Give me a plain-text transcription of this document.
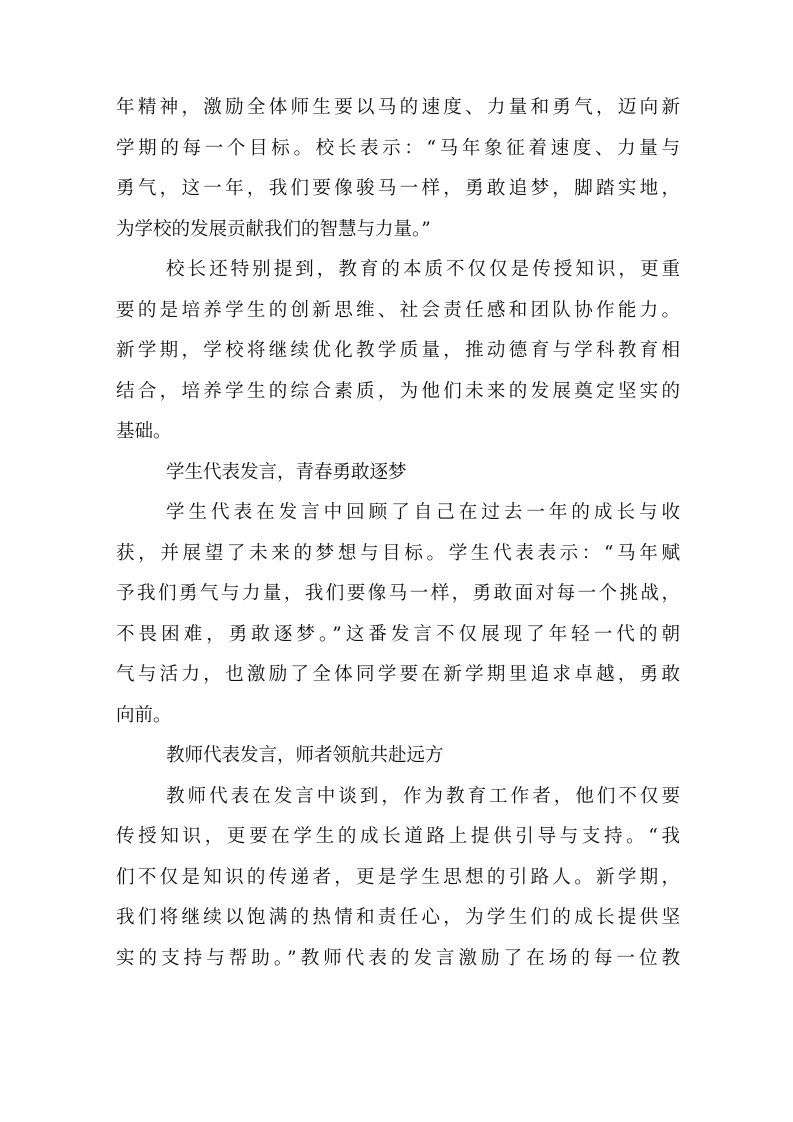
年精神，激励全体师生要以马的速度、力量和勇气，迈向新
学期的每一个目标。校长表示：“马年象征着速度、力量与
勇气，这一年，我们要像骏马一样，勇敢追梦，脚踏实地，
为学校的发展贡献我们的智慧与力量。”
校长还特别提到，教育的本质不仅仅是传授知识，更重
要的是培养学生的创新思维、社会责任感和团队协作能力。
新学期，学校将继续优化教学质量，推动德育与学科教育相
结合，培养学生的综合素质，为他们未来的发展奠定坚实的
基础。
学生代表发言，青春勇敢逐梦
学生代表在发言中回顾了自己在过去一年的成长与收
获，并展望了未来的梦想与目标。学生代表表示：“马年赋
予我们勇气与力量，我们要像马一样，勇敢面对每一个挑战，
不畏困难，勇敢逐梦。”这番发言不仅展现了年轻一代的朝
气与活力，也激励了全体同学要在新学期里追求卓越，勇敢
向前。
教师代表发言，师者领航共赴远方
教师代表在发言中谈到，作为教育工作者，他们不仅要
传授知识，更要在学生的成长道路上提供引导与支持。“我
们不仅是知识的传递者，更是学生思想的引路人。新学期，
我们将继续以饱满的热情和责任心，为学生们的成长提供坚
实的支持与帮助。”教师代表的发言激励了在场的每一位教
